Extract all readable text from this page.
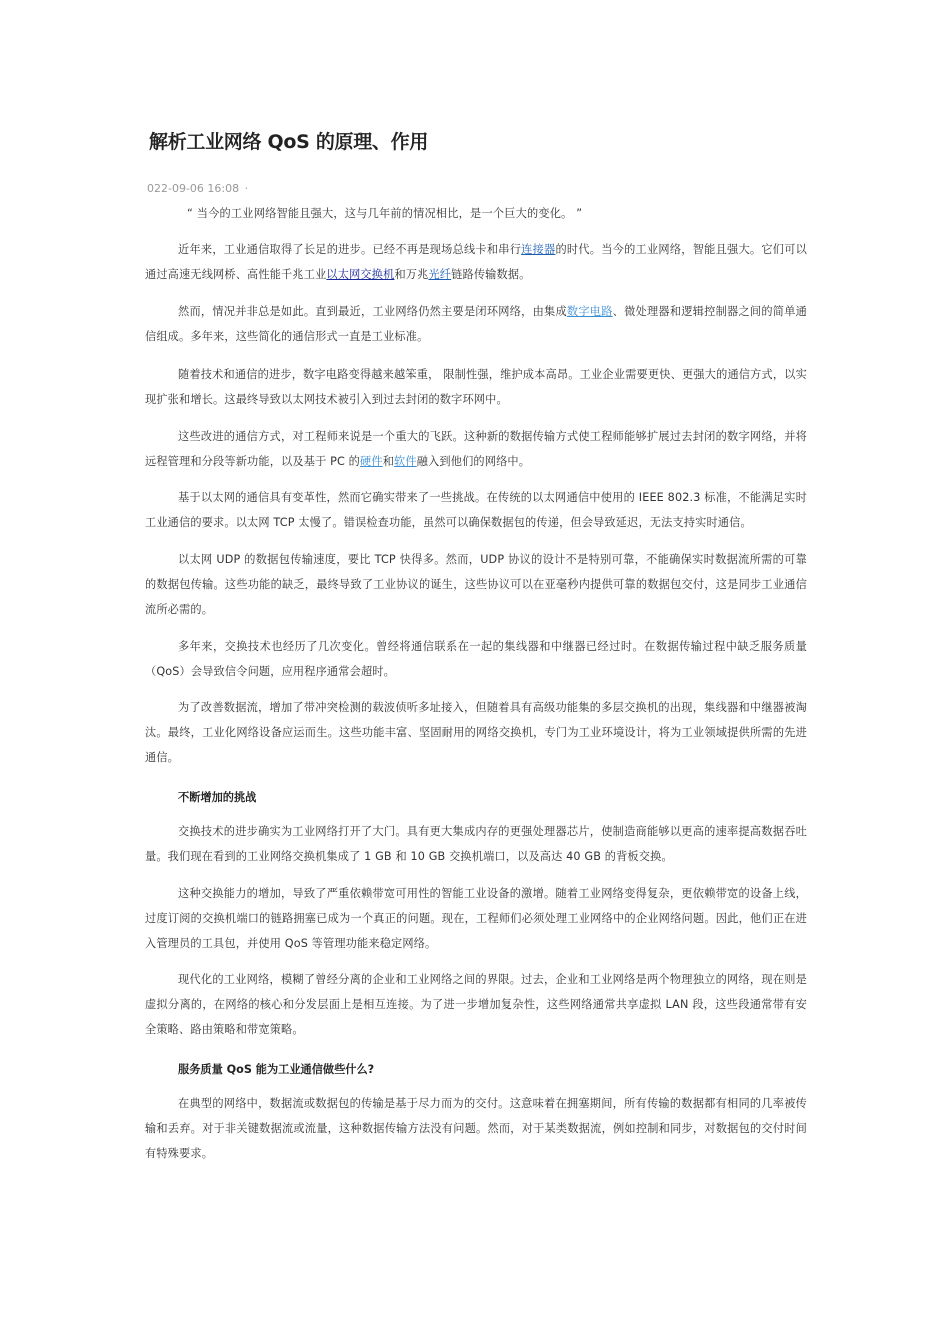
解析工业网络 QoS 的原理、作用
022-09-06 16:08 ·
“ 当今的工业网络智能且强大，这与几年前的情况相比，是一个巨大的变化。 ”

近年来，工业通信取得了长足的进步。已经不再是现场总线卡和串行连接器的时代。当今的工业网络，智能且强大。它们可以通过高速无线网桥、高性能千兆工业以太网交换机和万兆光纤链路传输数据。

然而，情况并非总是如此。直到最近，工业网络仍然主要是闭环网络，由集成数字电路、微处理器和逻辑控制器之间的简单通信组成。多年来，这些简化的通信形式一直是工业标准。

随着技术和通信的进步，数字电路变得越来越笨重， 限制性强，维护成本高昂。工业企业需要更快、更强大的通信方式，以实现扩张和增长。这最终导致以太网技术被引入到过去封闭的数字环网中。

这些改进的通信方式，对工程师来说是一个重大的飞跃。这种新的数据传输方式使工程师能够扩展过去封闭的数字网络，并将远程管理和分段等新功能，以及基于 PC 的硬件和软件融入到他们的网络中。

基于以太网的通信具有变革性，然而它确实带来了一些挑战。在传统的以太网通信中使用的 IEEE 802.3 标准，不能满足实时工业通信的要求。以太网 TCP 太慢了。错误检查功能，虽然可以确保数据包的传递，但会导致延迟，无法支持实时通信。

以太网 UDP 的数据包传输速度，要比 TCP 快得多。然而，UDP 协议的设计不是特别可靠，不能确保实时数据流所需的可靠的数据包传输。这些功能的缺乏，最终导致了工业协议的诞生，这些协议可以在亚毫秒内提供可靠的数据包交付，这是同步工业通信流所必需的。

多年来，交换技术也经历了几次变化。曾经将通信联系在一起的集线器和中继器已经过时。在数据传输过程中缺乏服务质量（QoS）会导致信令问题，应用程序通常会超时。

为了改善数据流，增加了带冲突检测的载波侦听多址接入，但随着具有高级功能集的多层交换机的出现，集线器和中继器被淘汰。最终，工业化网络设备应运而生。这些功能丰富、坚固耐用的网络交换机，专门为工业环境设计，将为工业领域提供所需的先进通信。

不断增加的挑战

交换技术的进步确实为工业网络打开了大门。具有更大集成内存的更强处理器芯片，使制造商能够以更高的速率提高数据吞吐量。我们现在看到的工业网络交换机集成了 1 GB 和 10 GB 交换机端口，以及高达 40 GB 的背板交换。

这种交换能力的增加，导致了严重依赖带宽可用性的智能工业设备的激增。随着工业网络变得复杂，更依赖带宽的设备上线，过度订阅的交换机端口的链路拥塞已成为一个真正的问题。现在，工程师们必须处理工业网络中的企业网络问题。因此，他们正在进入管理员的工具包，并使用 QoS 等管理功能来稳定网络。

现代化的工业网络，模糊了曾经分离的企业和工业网络之间的界限。过去，企业和工业网络是两个物理独立的网络，现在则是虚拟分离的，在网络的核心和分发层面上是相互连接。为了进一步增加复杂性，这些网络通常共享虚拟 LAN 段，这些段通常带有安全策略、路由策略和带宽策略。

服务质量 QoS 能为工业通信做些什么?

在典型的网络中，数据流或数据包的传输是基于尽力而为的交付。这意味着在拥塞期间，所有传输的数据都有相同的几率被传输和丢弃。对于非关键数据流或流量，这种数据传输方法没有问题。然而，对于某类数据流，例如控制和同步，对数据包的交付时间有特殊要求。
